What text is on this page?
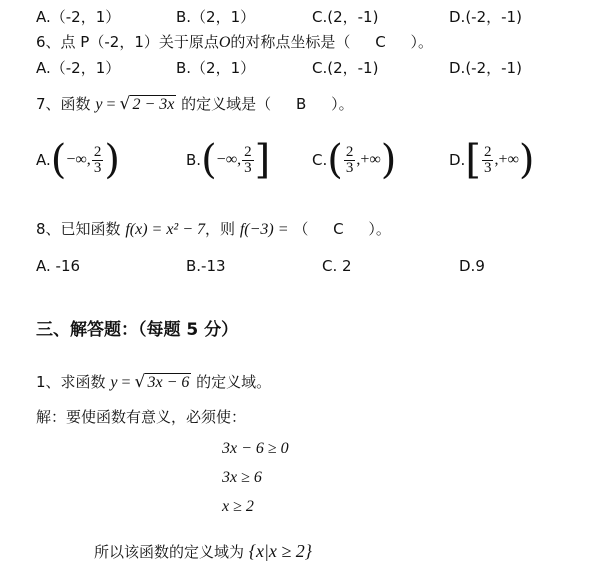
A.（-2，1）	B.（2，1）	C.(2，-1)	D.(-2，-1)
6、点 P（-2，1）关于原点O的对称点坐标是（ C ）。
A.（-2，1）	B.（2，1）	C.(2，-1)	D.(-2，-1)
7、函数 y = √ 2 − 3x 的定义域是（ B ）。
A. ( −∞, $\frac{2}{3}$ )	B. ( −∞, $\frac{2}{3}$ ]	C. ( $\frac{2}{3}$ ,+∞ )	D. [ $\frac{2}{3}$ ,+∞ )
8、已知函数 f(x) = x² − 7，则 f(−3) = （ C ）。
A. -16	B.-13	C. 2	D.9
三、解答题：（每题 5 分）
1、求函数 y = √ 3x − 6 的定义域。
解：要使函数有意义，必须使：
3x − 6 ≥ 0
3x ≥ 6
x ≥ 2
所以该函数的定义域为 {x|x ≥ 2}
